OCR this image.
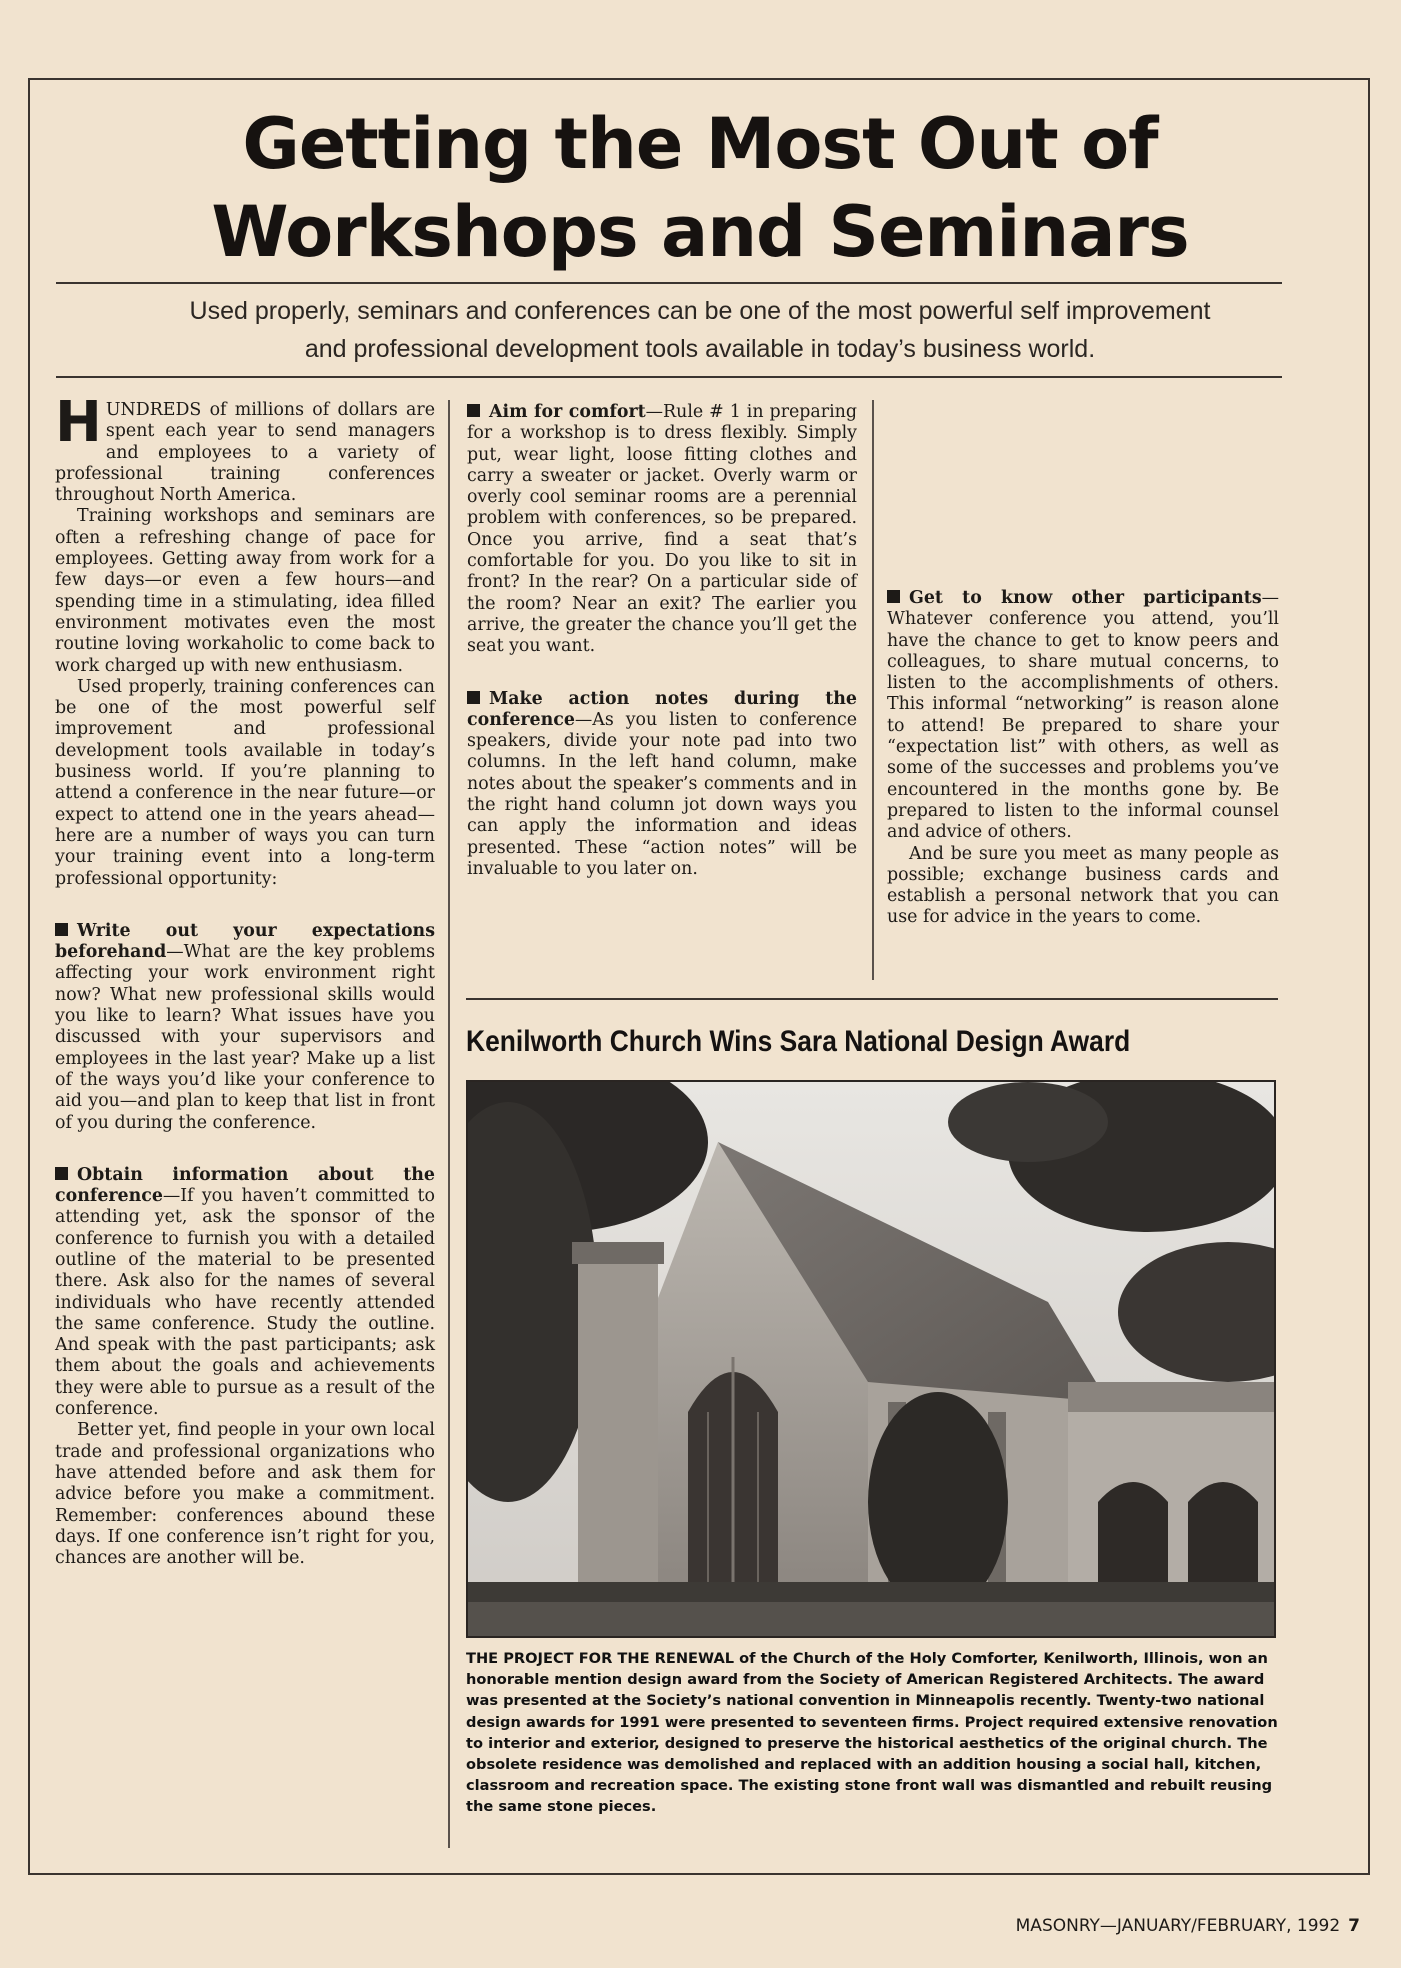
Getting the Most Out of
Workshops and Seminars

Used properly, seminars and conferences can be one of the most powerful self improvement
and professional development tools available in today’s business world.

HUNDREDS of millions of dollars are spent each year to send managers and employees to a variety of professional training conferences throughout North America.

Training workshops and seminars are often a refreshing change of pace for employees. Getting away from work for a few days—or even a few hours—and spending time in a stimulating, idea filled environment motivates even the most routine loving workaholic to come back to work charged up with new enthusiasm.

Used properly, training conferences can be one of the most powerful self improvement and professional development tools available in today’s business world. If you’re planning to attend a conference in the near future—or expect to attend one in the years ahead—here are a number of ways you can turn your training event into a long-term professional opportunity:

Write out your expectations beforehand—What are the key problems affecting your work environment right now? What new professional skills would you like to learn? What issues have you discussed with your supervisors and employees in the last year? Make up a list of the ways you’d like your conference to aid you—and plan to keep that list in front of you during the conference.

Obtain information about the conference—If you haven’t committed to attending yet, ask the sponsor of the conference to furnish you with a detailed outline of the material to be presented there. Ask also for the names of several individuals who have recently attended the same conference. Study the outline. And speak with the past participants; ask them about the goals and achievements they were able to pursue as a result of the conference.

Better yet, find people in your own local trade and professional organizations who have attended before and ask them for advice before you make a commitment. Remember: conferences abound these days. If one conference isn’t right for you, chances are another will be.

Aim for comfort—Rule # 1 in preparing for a workshop is to dress flexibly. Simply put, wear light, loose fitting clothes and carry a sweater or jacket. Overly warm or overly cool seminar rooms are a perennial problem with conferences, so be prepared. Once you arrive, find a seat that’s comfortable for you. Do you like to sit in front? In the rear? On a particular side of the room? Near an exit? The earlier you arrive, the greater the chance you’ll get the seat you want.

Make action notes during the conference—As you listen to conference speakers, divide your note pad into two columns. In the left hand column, make notes about the speaker’s comments and in the right hand column jot down ways you can apply the information and ideas presented. These “action notes” will be invaluable to you later on.

Get to know other participants—Whatever conference you attend, you’ll have the chance to get to know peers and colleagues, to share mutual concerns, to listen to the accomplishments of others. This informal “networking” is reason alone to attend! Be prepared to share your “expectation list” with others, as well as some of the successes and problems you’ve encountered in the months gone by. Be prepared to listen to the informal counsel and advice of others.

And be sure you meet as many people as possible; exchange business cards and establish a personal network that you can use for advice in the years to come.

Kenilworth Church Wins Sara National Design Award

THE PROJECT FOR THE RENEWAL of the Church of the Holy Comforter, Kenilworth, Illinois, won an honorable mention design award from the Society of American Registered Architects. The award was presented at the Society’s national convention in Minneapolis recently. Twenty-two national design awards for 1991 were presented to seventeen firms. Project required extensive renovation to interior and exterior, designed to preserve the historical aesthetics of the original church. The obsolete residence was demolished and replaced with an addition housing a social hall, kitchen, classroom and recreation space. The existing stone front wall was dismantled and rebuilt reusing the same stone pieces.

MASONRY—JANUARY/FEBRUARY, 1992 7
